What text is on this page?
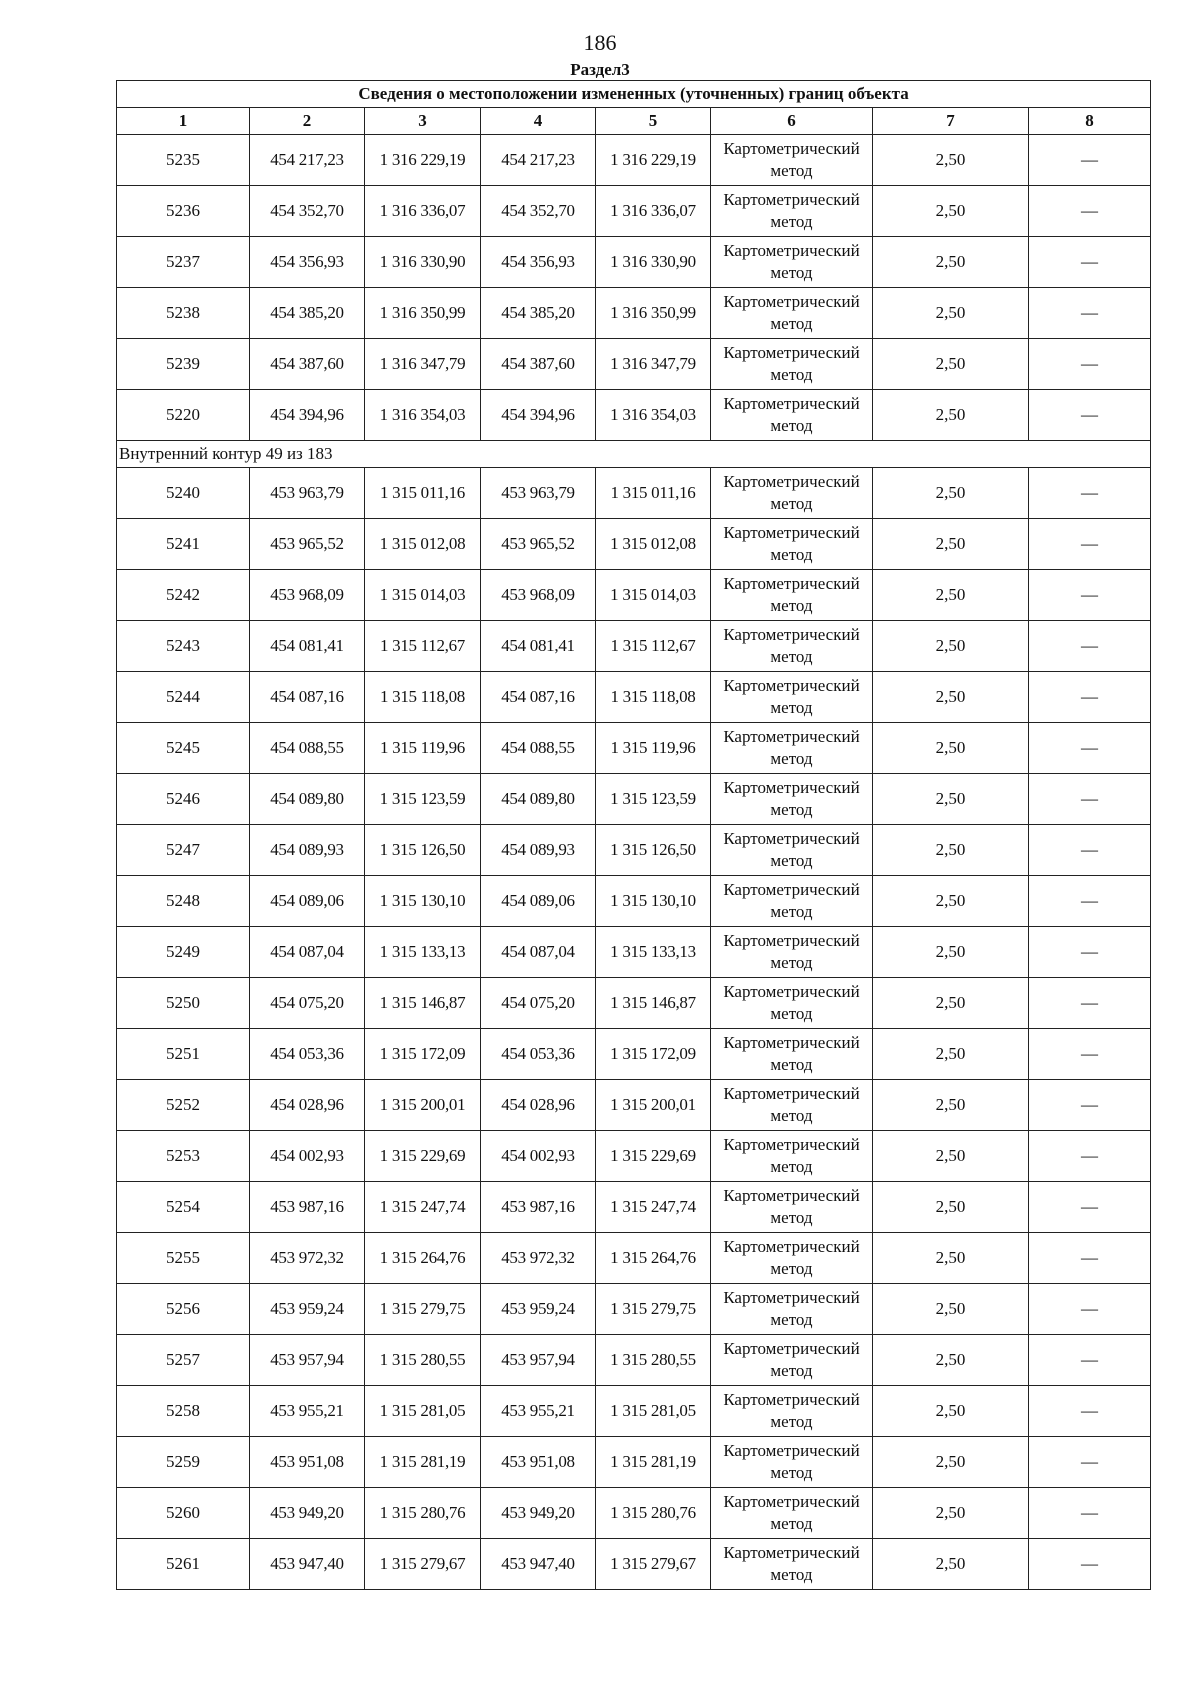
186
Раздел3
Сведения о местоположении измененных (уточненных) границ объекта							
1	2	3	4	5	6	7	8
5235	454 217,23	1 316 229,19	454 217,23	1 316 229,19	Картометрический метод	2,50	—
5236	454 352,70	1 316 336,07	454 352,70	1 316 336,07	Картометрический метод	2,50	—
5237	454 356,93	1 316 330,90	454 356,93	1 316 330,90	Картометрический метод	2,50	—
5238	454 385,20	1 316 350,99	454 385,20	1 316 350,99	Картометрический метод	2,50	—
5239	454 387,60	1 316 347,79	454 387,60	1 316 347,79	Картометрический метод	2,50	—
5220	454 394,96	1 316 354,03	454 394,96	1 316 354,03	Картометрический метод	2,50	—
Внутренний контур 49 из 183							
5240	453 963,79	1 315 011,16	453 963,79	1 315 011,16	Картометрический метод	2,50	—
5241	453 965,52	1 315 012,08	453 965,52	1 315 012,08	Картометрический метод	2,50	—
5242	453 968,09	1 315 014,03	453 968,09	1 315 014,03	Картометрический метод	2,50	—
5243	454 081,41	1 315 112,67	454 081,41	1 315 112,67	Картометрический метод	2,50	—
5244	454 087,16	1 315 118,08	454 087,16	1 315 118,08	Картометрический метод	2,50	—
5245	454 088,55	1 315 119,96	454 088,55	1 315 119,96	Картометрический метод	2,50	—
5246	454 089,80	1 315 123,59	454 089,80	1 315 123,59	Картометрический метод	2,50	—
5247	454 089,93	1 315 126,50	454 089,93	1 315 126,50	Картометрический метод	2,50	—
5248	454 089,06	1 315 130,10	454 089,06	1 315 130,10	Картометрический метод	2,50	—
5249	454 087,04	1 315 133,13	454 087,04	1 315 133,13	Картометрический метод	2,50	—
5250	454 075,20	1 315 146,87	454 075,20	1 315 146,87	Картометрический метод	2,50	—
5251	454 053,36	1 315 172,09	454 053,36	1 315 172,09	Картометрический метод	2,50	—
5252	454 028,96	1 315 200,01	454 028,96	1 315 200,01	Картометрический метод	2,50	—
5253	454 002,93	1 315 229,69	454 002,93	1 315 229,69	Картометрический метод	2,50	—
5254	453 987,16	1 315 247,74	453 987,16	1 315 247,74	Картометрический метод	2,50	—
5255	453 972,32	1 315 264,76	453 972,32	1 315 264,76	Картометрический метод	2,50	—
5256	453 959,24	1 315 279,75	453 959,24	1 315 279,75	Картометрический метод	2,50	—
5257	453 957,94	1 315 280,55	453 957,94	1 315 280,55	Картометрический метод	2,50	—
5258	453 955,21	1 315 281,05	453 955,21	1 315 281,05	Картометрический метод	2,50	—
5259	453 951,08	1 315 281,19	453 951,08	1 315 281,19	Картометрический метод	2,50	—
5260	453 949,20	1 315 280,76	453 949,20	1 315 280,76	Картометрический метод	2,50	—
5261	453 947,40	1 315 279,67	453 947,40	1 315 279,67	Картометрический метод	2,50	—
